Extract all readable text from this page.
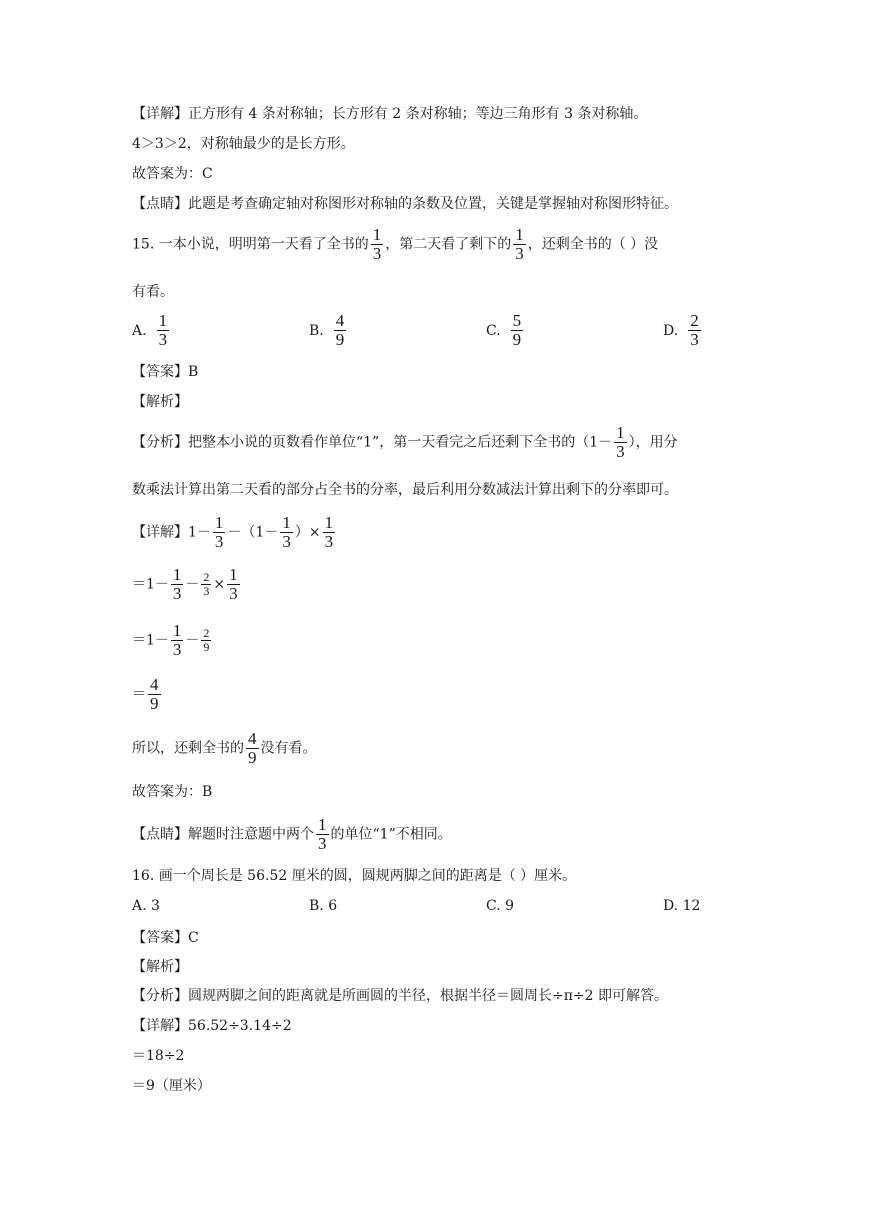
【详解】正方形有 4 条对称轴；长方形有 2 条对称轴；等边三角形有 3 条对称轴。
4＞3＞2，对称轴最少的是长方形。
故答案为：C
【点睛】此题是考查确定轴对称图形对称轴的条数及位置，关键是掌握轴对称图形特征。
15. 一本小说，明明第一天看了全书的 $\frac{1}{3}$ ，第二天看了剩下的 $\frac{1}{3}$ ，还剩全书的（ ）没
有看。
A. $\frac{1}{3}$	B. $\frac{4}{9}$	C. $\frac{5}{9}$	D. $\frac{2}{3}$
【答案】B
【解析】
【分析】把整本小说的页数看作单位“1”，第一天看完之后还剩下全书的（$1- \frac{1}{3}$ ），用分
数乘法计算出第二天看的部分占全书的分率，最后利用分数减法计算出剩下的分率即可。
【详解】$1- \frac{1}{3} -(1- \frac{1}{3}$ ）× $\frac{1}{3}$
$=1- \frac{1}{3} - \frac{2}{3} \times \frac{1}{3}$
$=1- \frac{1}{3} - \frac{2}{9}$
＝ $\frac{4}{9}$
所以，还剩全书的 $\frac{4}{9}$ 没有看。
故答案为：B
【点睛】解题时注意题中两个 $\frac{1}{3}$ 的单位“1”不相同。
16. 画一个周长是 56.52 厘米的圆，圆规两脚之间的距离是（ ）厘米。
A. 3	B. 6	C. 9	D. 12
【答案】C
【解析】
【分析】圆规两脚之间的距离就是所画圆的半径，根据半径＝圆周长÷π÷2 即可解答。
【详解】56.52÷3.14÷2
＝18÷2
＝9（厘米）
